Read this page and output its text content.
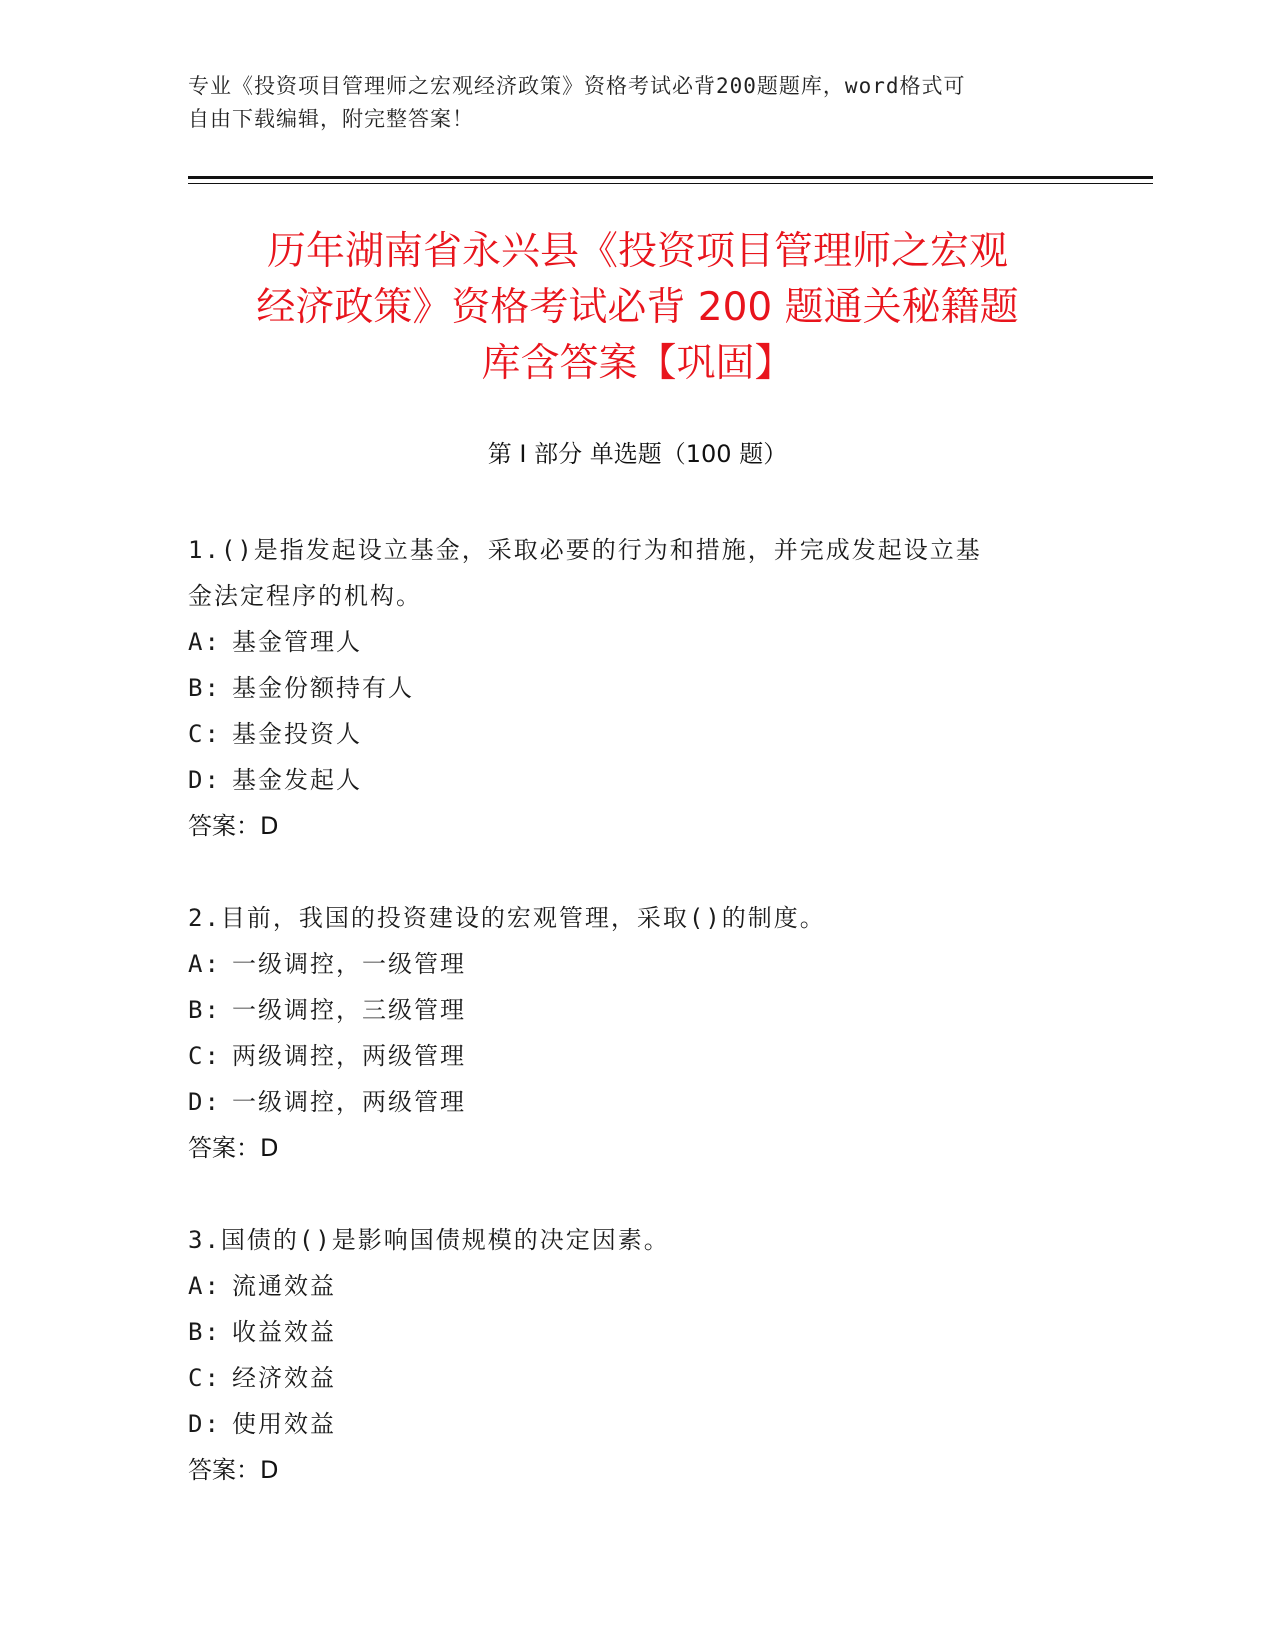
专业《投资项目管理师之宏观经济政策》资格考试必背200题题库，word格式可
自由下载编辑，附完整答案！
历年湖南省永兴县《投资项目管理师之宏观
经济政策》资格考试必背 200 题通关秘籍题
库含答案【巩固】
第 I 部分 单选题（100 题）
1.()是指发起设立基金，采取必要的行为和措施，并完成发起设立基
金法定程序的机构。
A: 基金管理人
B: 基金份额持有人
C: 基金投资人
D: 基金发起人
答案：D
2.目前，我国的投资建设的宏观管理，采取()的制度。
A: 一级调控，一级管理
B: 一级调控，三级管理
C: 两级调控，两级管理
D: 一级调控，两级管理
答案：D
3.国债的()是影响国债规模的决定因素。
A: 流通效益
B: 收益效益
C: 经济效益
D: 使用效益
答案：D
